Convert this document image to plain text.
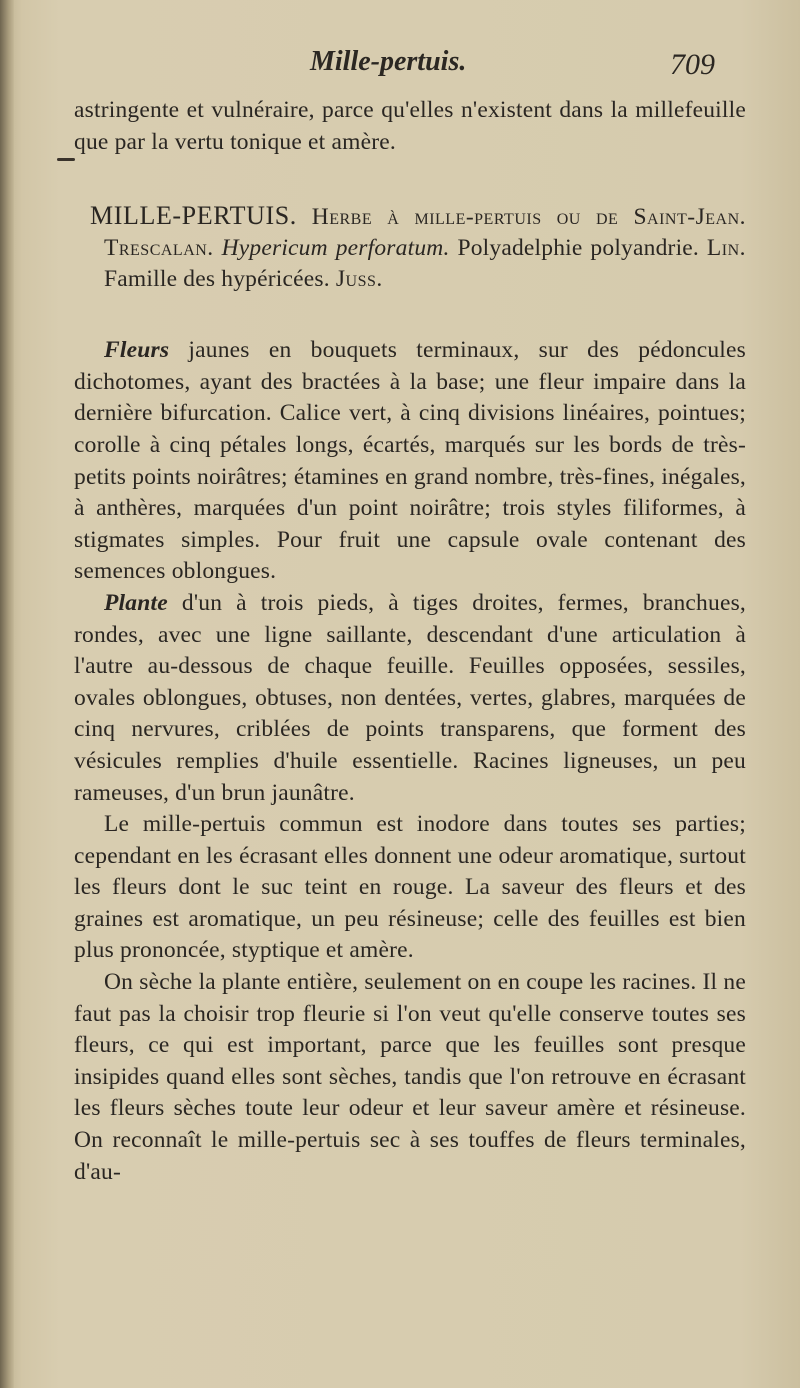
Mille-pertuis.	709

astringente et vulnéraire, parce qu'elles n'existent dans la millefeuille que par la vertu tonique et amère.

MILLE-PERTUIS. Herbe à mille-pertuis ou de Saint-Jean. Trescalan. Hypericum perforatum. Polyadelphie polyandrie. Lin. Famille des hypéricées. Juss.

Fleurs jaunes en bouquets terminaux, sur des pédoncules dichotomes, ayant des bractées à la base; une fleur impaire dans la dernière bifurcation. Calice vert, à cinq divisions linéaires, pointues; corolle à cinq pétales longs, écartés, marqués sur les bords de très-petits points noirâtres; étamines en grand nombre, très-fines, inégales, à anthères, marquées d'un point noirâtre; trois styles filiformes, à stigmates simples. Pour fruit une capsule ovale contenant des semences oblongues.

Plante d'un à trois pieds, à tiges droites, fermes, branchues, rondes, avec une ligne saillante, descendant d'une articulation à l'autre au-dessous de chaque feuille. Feuilles opposées, sessiles, ovales oblongues, obtuses, non dentées, vertes, glabres, marquées de cinq nervures, criblées de points transparens, que forment des vésicules remplies d'huile essentielle. Racines ligneuses, un peu rameuses, d'un brun jaunâtre.

Le mille-pertuis commun est inodore dans toutes ses parties; cependant en les écrasant elles donnent une odeur aromatique, surtout les fleurs dont le suc teint en rouge. La saveur des fleurs et des graines est aromatique, un peu résineuse; celle des feuilles est bien plus prononcée, styptique et amère.

On sèche la plante entière, seulement on en coupe les racines. Il ne faut pas la choisir trop fleurie si l'on veut qu'elle conserve toutes ses fleurs, ce qui est important, parce que les feuilles sont presque insipides quand elles sont sèches, tandis que l'on retrouve en écrasant les fleurs sèches toute leur odeur et leur saveur amère et résineuse. On reconnaît le mille-pertuis sec à ses touffes de fleurs terminales, d'au-
